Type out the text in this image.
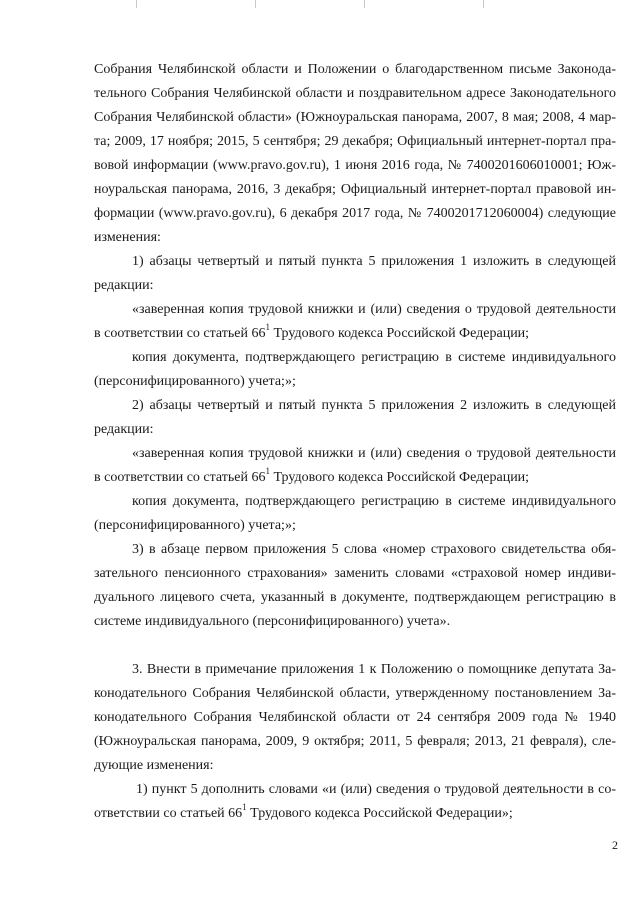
Собрания Челябинской области и Положении о благодарственном письме Законода-
тельного Собрания Челябинской области и поздравительном адресе Законодательного
Собрания Челябинской области» (Южноуральская панорама, 2007, 8 мая; 2008, 4 мар-
та; 2009, 17 ноября; 2015, 5 сентября; 29 декабря; Официальный интернет-портал пра-
вовой информации (www.pravo.gov.ru), 1 июня 2016 года, № 7400201606010001; Юж-
ноуральская панорама, 2016, 3 декабря; Официальный интернет-портал правовой ин-
формации (www.pravo.gov.ru), 6 декабря 2017 года, № 7400201712060004) следующие
изменения:
1) абзацы четвертый и пятый пункта 5 приложения 1 изложить в следующей
редакции:
«заверенная копия трудовой книжки и (или) сведения о трудовой деятельности
в соответствии со статьей $66^1$ Трудового кодекса Российской Федерации;
копия документа, подтверждающего регистрацию в системе индивидуального
(персонифицированного) учета;»;
2) абзацы четвертый и пятый пункта 5 приложения 2 изложить в следующей
редакции:
«заверенная копия трудовой книжки и (или) сведения о трудовой деятельности
в соответствии со статьей $66^1$ Трудового кодекса Российской Федерации;
копия документа, подтверждающего регистрацию в системе индивидуального
(персонифицированного) учета;»;
3) в абзаце первом приложения 5 слова «номер страхового свидетельства обя-
зательного пенсионного страхования» заменить словами «страховой номер индиви-
дуального лицевого счета, указанный в документе, подтверждающем регистрацию в
системе индивидуального (персонифицированного) учета».
3. Внести в примечание приложения 1 к Положению о помощнике депутата За-
конодательного Собрания Челябинской области, утвержденному постановлением За-
конодательного Собрания Челябинской области от 24 сентября 2009 года № 1940
(Южноуральская панорама, 2009, 9 октября; 2011, 5 февраля; 2013, 21 февраля), сле-
дующие изменения:
1) пункт 5 дополнить словами «и (или) сведения о трудовой деятельности в со-
ответствии со статьей $66^1$ Трудового кодекса Российской Федерации»;
2
